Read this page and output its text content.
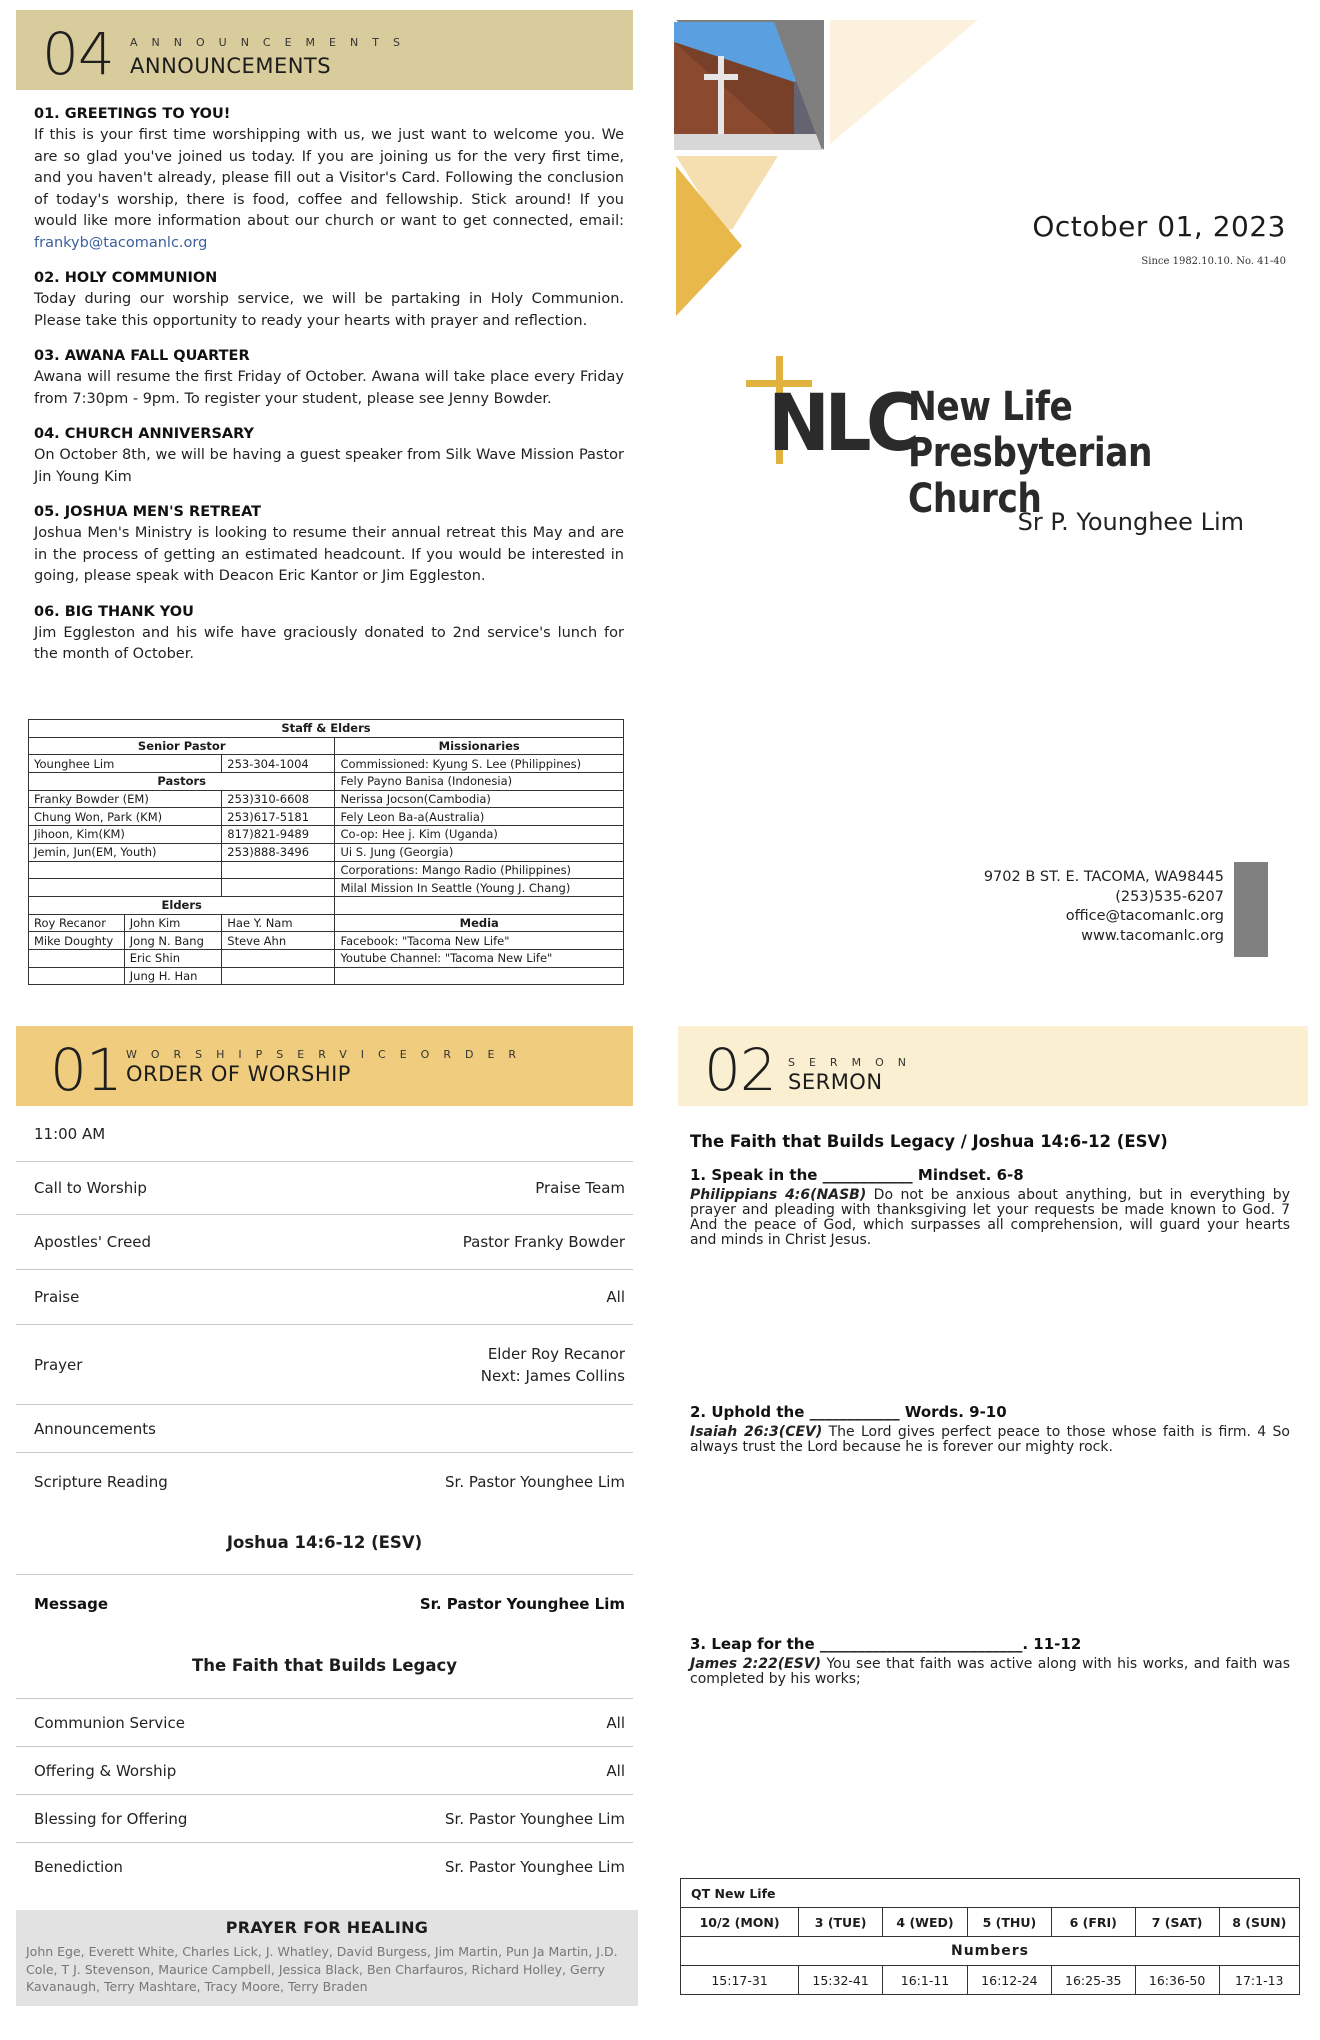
04 ANNOUNCEMENTS
ANNOUNCEMENTS
01. GREETINGS TO YOU!
If this is your first time worshipping with us, we just want to welcome you. We are so glad you've joined us today. If you are joining us for the very first time, and you haven't already, please fill out a Visitor's Card. Following the conclusion of today's worship, there is food, coffee and fellowship. Stick around! If you would like more information about our church or want to get connected, email: frankyb@tacomanlc.org
02. HOLY COMMUNION
Today during our worship service, we will be partaking in Holy Communion. Please take this opportunity to ready your hearts with prayer and reflection.
03. AWANA FALL QUARTER
Awana will resume the first Friday of October. Awana will take place every Friday from 7:30pm - 9pm. To register your student, please see Jenny Bowder.
04. CHURCH ANNIVERSARY
On October 8th, we will be having a guest speaker from Silk Wave Mission Pastor Jin Young Kim
05. JOSHUA MEN'S RETREAT
Joshua Men's Ministry is looking to resume their annual retreat this May and are in the process of getting an estimated headcount. If you would be interested in going, please speak with Deacon Eric Kantor or Jim Eggleston.
06. BIG THANK YOU
Jim Eggleston and his wife have graciously donated to 2nd service's lunch for the month of October.
Staff & Elders			
Senior Pastor			Missionaries
Younghee Lim		253-304-1004	Commissioned: Kyung S. Lee (Philippines)
Pastors			Fely Payno Banisa (Indonesia)
Franky Bowder (EM)		253)310-6608	Nerissa Jocson(Cambodia)
Chung Won, Park (KM)		253)617-5181	Fely Leon Ba-a(Australia)
Jihoon, Kim(KM)		817)821-9489	Co-op: Hee j. Kim (Uganda)
Jemin, Jun(EM, Youth)		253)888-3496	Ui S. Jung (Georgia)
			Corporations: Mango Radio (Philippines)
			Milal Mission In Seattle (Young J. Chang)
Elders			
Roy Recanor	John Kim	Hae Y. Nam	Media
Mike Doughty	Jong N. Bang	Steve Ahn	Facebook: "Tacoma New Life"
	Eric Shin		Youtube Channel: "Tacoma New Life"
	Jung H. Han		
October 01, 2023
Since 1982.10.10. No. 41-40
NLC
New Life
Presbyterian Church
Sr P. Younghee Lim
9702 B ST. E. TACOMA, WA98445
(253)535-6207
office@tacomanlc.org
www.tacomanlc.org
01 WORSHIPSERVICEORDER
ORDER OF WORSHIP
11:00 AM
Call to Worship	Praise Team
Apostles' Creed	Pastor Franky Bowder
Praise	All
Prayer
Elder Roy Recanor
Next: James Collins
Announcements
Scripture Reading	Sr. Pastor Younghee Lim
Joshua 14:6-12 (ESV)
Message	Sr. Pastor Younghee Lim
The Faith that Builds Legacy
Communion Service	All
Offering & Worship	All
Blessing for Offering	Sr. Pastor Younghee Lim
Benediction	Sr. Pastor Younghee Lim
PRAYER FOR HEALING
John Ege, Everett White, Charles Lick, J. Whatley, David Burgess, Jim Martin, Pun Ja Martin, J.D. Cole, T J. Stevenson, Maurice Campbell, Jessica Black, Ben Charfauros, Richard Holley, Gerry Kavanaugh, Terry Mashtare, Tracy Moore, Terry Braden
02 SERMON
SERMON
The Faith that Builds Legacy / Joshua 14:6-12 (ESV)
1. Speak in the ____________ Mindset. 6-8
Philippians 4:6(NASB) Do not be anxious about anything, but in everything by prayer and pleading with thanksgiving let your requests be made known to God. 7 And the peace of God, which surpasses all comprehension, will guard your hearts and minds in Christ Jesus.
2. Uphold the ____________ Words. 9-10
Isaiah 26:3(CEV) The Lord gives perfect peace to those whose faith is firm. 4 So always trust the Lord because he is forever our mighty rock.
3. Leap for the ___________________________. 11-12
James 2:22(ESV) You see that faith was active along with his works, and faith was completed by his works;
QT New Life						
10/2 (MON)	3 (TUE)	4 (WED)	5 (THU)	6 (FRI)	7 (SAT)	8 (SUN)
Numbers						
15:17-31	15:32-41	16:1-11	16:12-24	16:25-35	16:36-50	17:1-13
